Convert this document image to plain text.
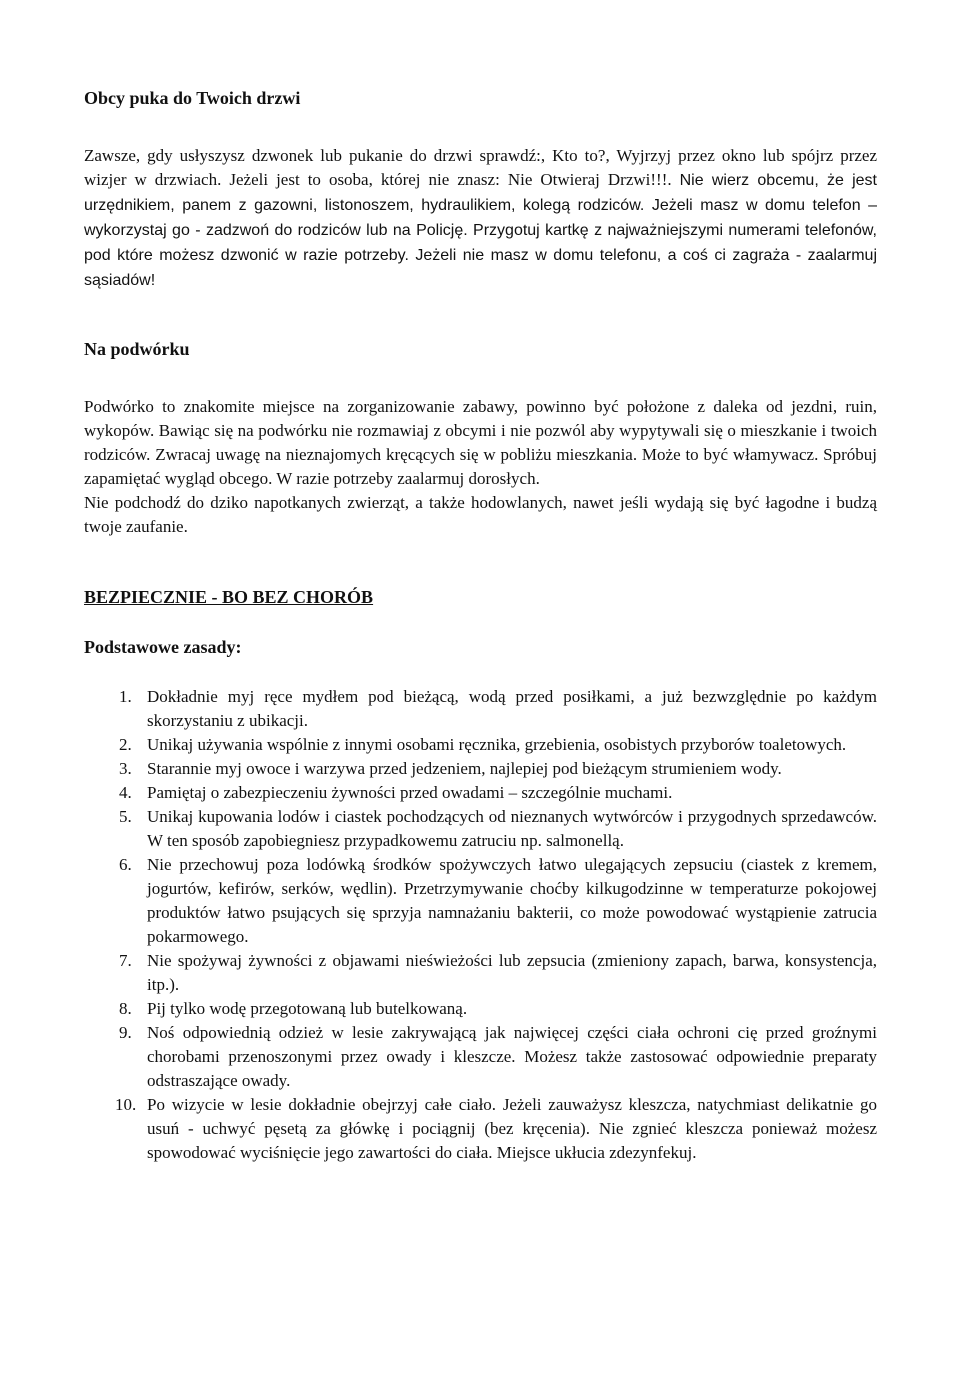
Obcy puka do Twoich drzwi

Zawsze, gdy usłyszysz dzwonek lub pukanie do drzwi sprawdź:, Kto to?, Wyjrzyj przez okno lub spójrz przez wizjer w drzwiach. Jeżeli jest to osoba, której nie znasz: Nie Otwieraj Drzwi!!!. Nie wierz obcemu, że jest urzędnikiem, panem z gazowni, listonoszem, hydraulikiem, kolegą rodziców. Jeżeli masz w domu telefon – wykorzystaj go - zadzwoń do rodziców lub na Policję. Przygotuj kartkę z najważniejszymi numerami telefonów, pod które możesz dzwonić w razie potrzeby. Jeżeli nie masz w domu telefonu, a coś ci zagraża - zaalarmuj sąsiadów!

Na podwórku

Podwórko to znakomite miejsce na zorganizowanie zabawy, powinno być położone z daleka od jezdni, ruin, wykopów. Bawiąc się na podwórku nie rozmawiaj z obcymi i nie pozwól aby wypytywali się o mieszkanie i twoich rodziców. Zwracaj uwagę na nieznajomych kręcących się w pobliżu mieszkania. Może to być włamywacz. Spróbuj zapamiętać wygląd obcego. W razie potrzeby zaalarmuj dorosłych.

Nie podchodź do dziko napotkanych zwierząt, a także hodowlanych, nawet jeśli wydają się być łagodne i budzą twoje zaufanie.

BEZPIECZNIE - BO BEZ CHORÓB
Podstawowe zasady:
1. Dokładnie myj ręce mydłem pod bieżącą, wodą przed posiłkami, a już bezwzględnie po każdym skorzystaniu z ubikacji.
2. Unikaj używania wspólnie z innymi osobami ręcznika, grzebienia, osobistych przyborów toaletowych.
3. Starannie myj owoce i warzywa przed jedzeniem, najlepiej pod bieżącym strumieniem wody.
4. Pamiętaj o zabezpieczeniu żywności przed owadami – szczególnie muchami.
5. Unikaj kupowania lodów i ciastek pochodzących od nieznanych wytwórców i przygodnych sprzedawców. W ten sposób zapobiegniesz przypadkowemu zatruciu np. salmonellą.
6. Nie przechowuj poza lodówką środków spożywczych łatwo ulegających zepsuciu (ciastek z kremem, jogurtów, kefirów, serków, wędlin). Przetrzymywanie choćby kilkugodzinne w temperaturze pokojowej produktów łatwo psujących się sprzyja namnażaniu bakterii, co może powodować wystąpienie zatrucia pokarmowego.
7. Nie spożywaj żywności z objawami nieświeżości lub zepsucia (zmieniony zapach, barwa, konsystencja, itp.).
8. Pij tylko wodę przegotowaną lub butelkowaną.
9. Noś odpowiednią odzież w lesie zakrywającą jak najwięcej części ciała ochroni cię przed groźnymi chorobami przenoszonymi przez owady i kleszcze. Możesz także zastosować odpowiednie preparaty odstraszające owady.
10. Po wizycie w lesie dokładnie obejrzyj całe ciało. Jeżeli zauważysz kleszcza, natychmiast delikatnie go usuń - uchwyć pęsetą za główkę i pociągnij (bez kręcenia). Nie zgnieć kleszcza ponieważ możesz spowodować wyciśnięcie jego zawartości do ciała. Miejsce ukłucia zdezynfekuj.
